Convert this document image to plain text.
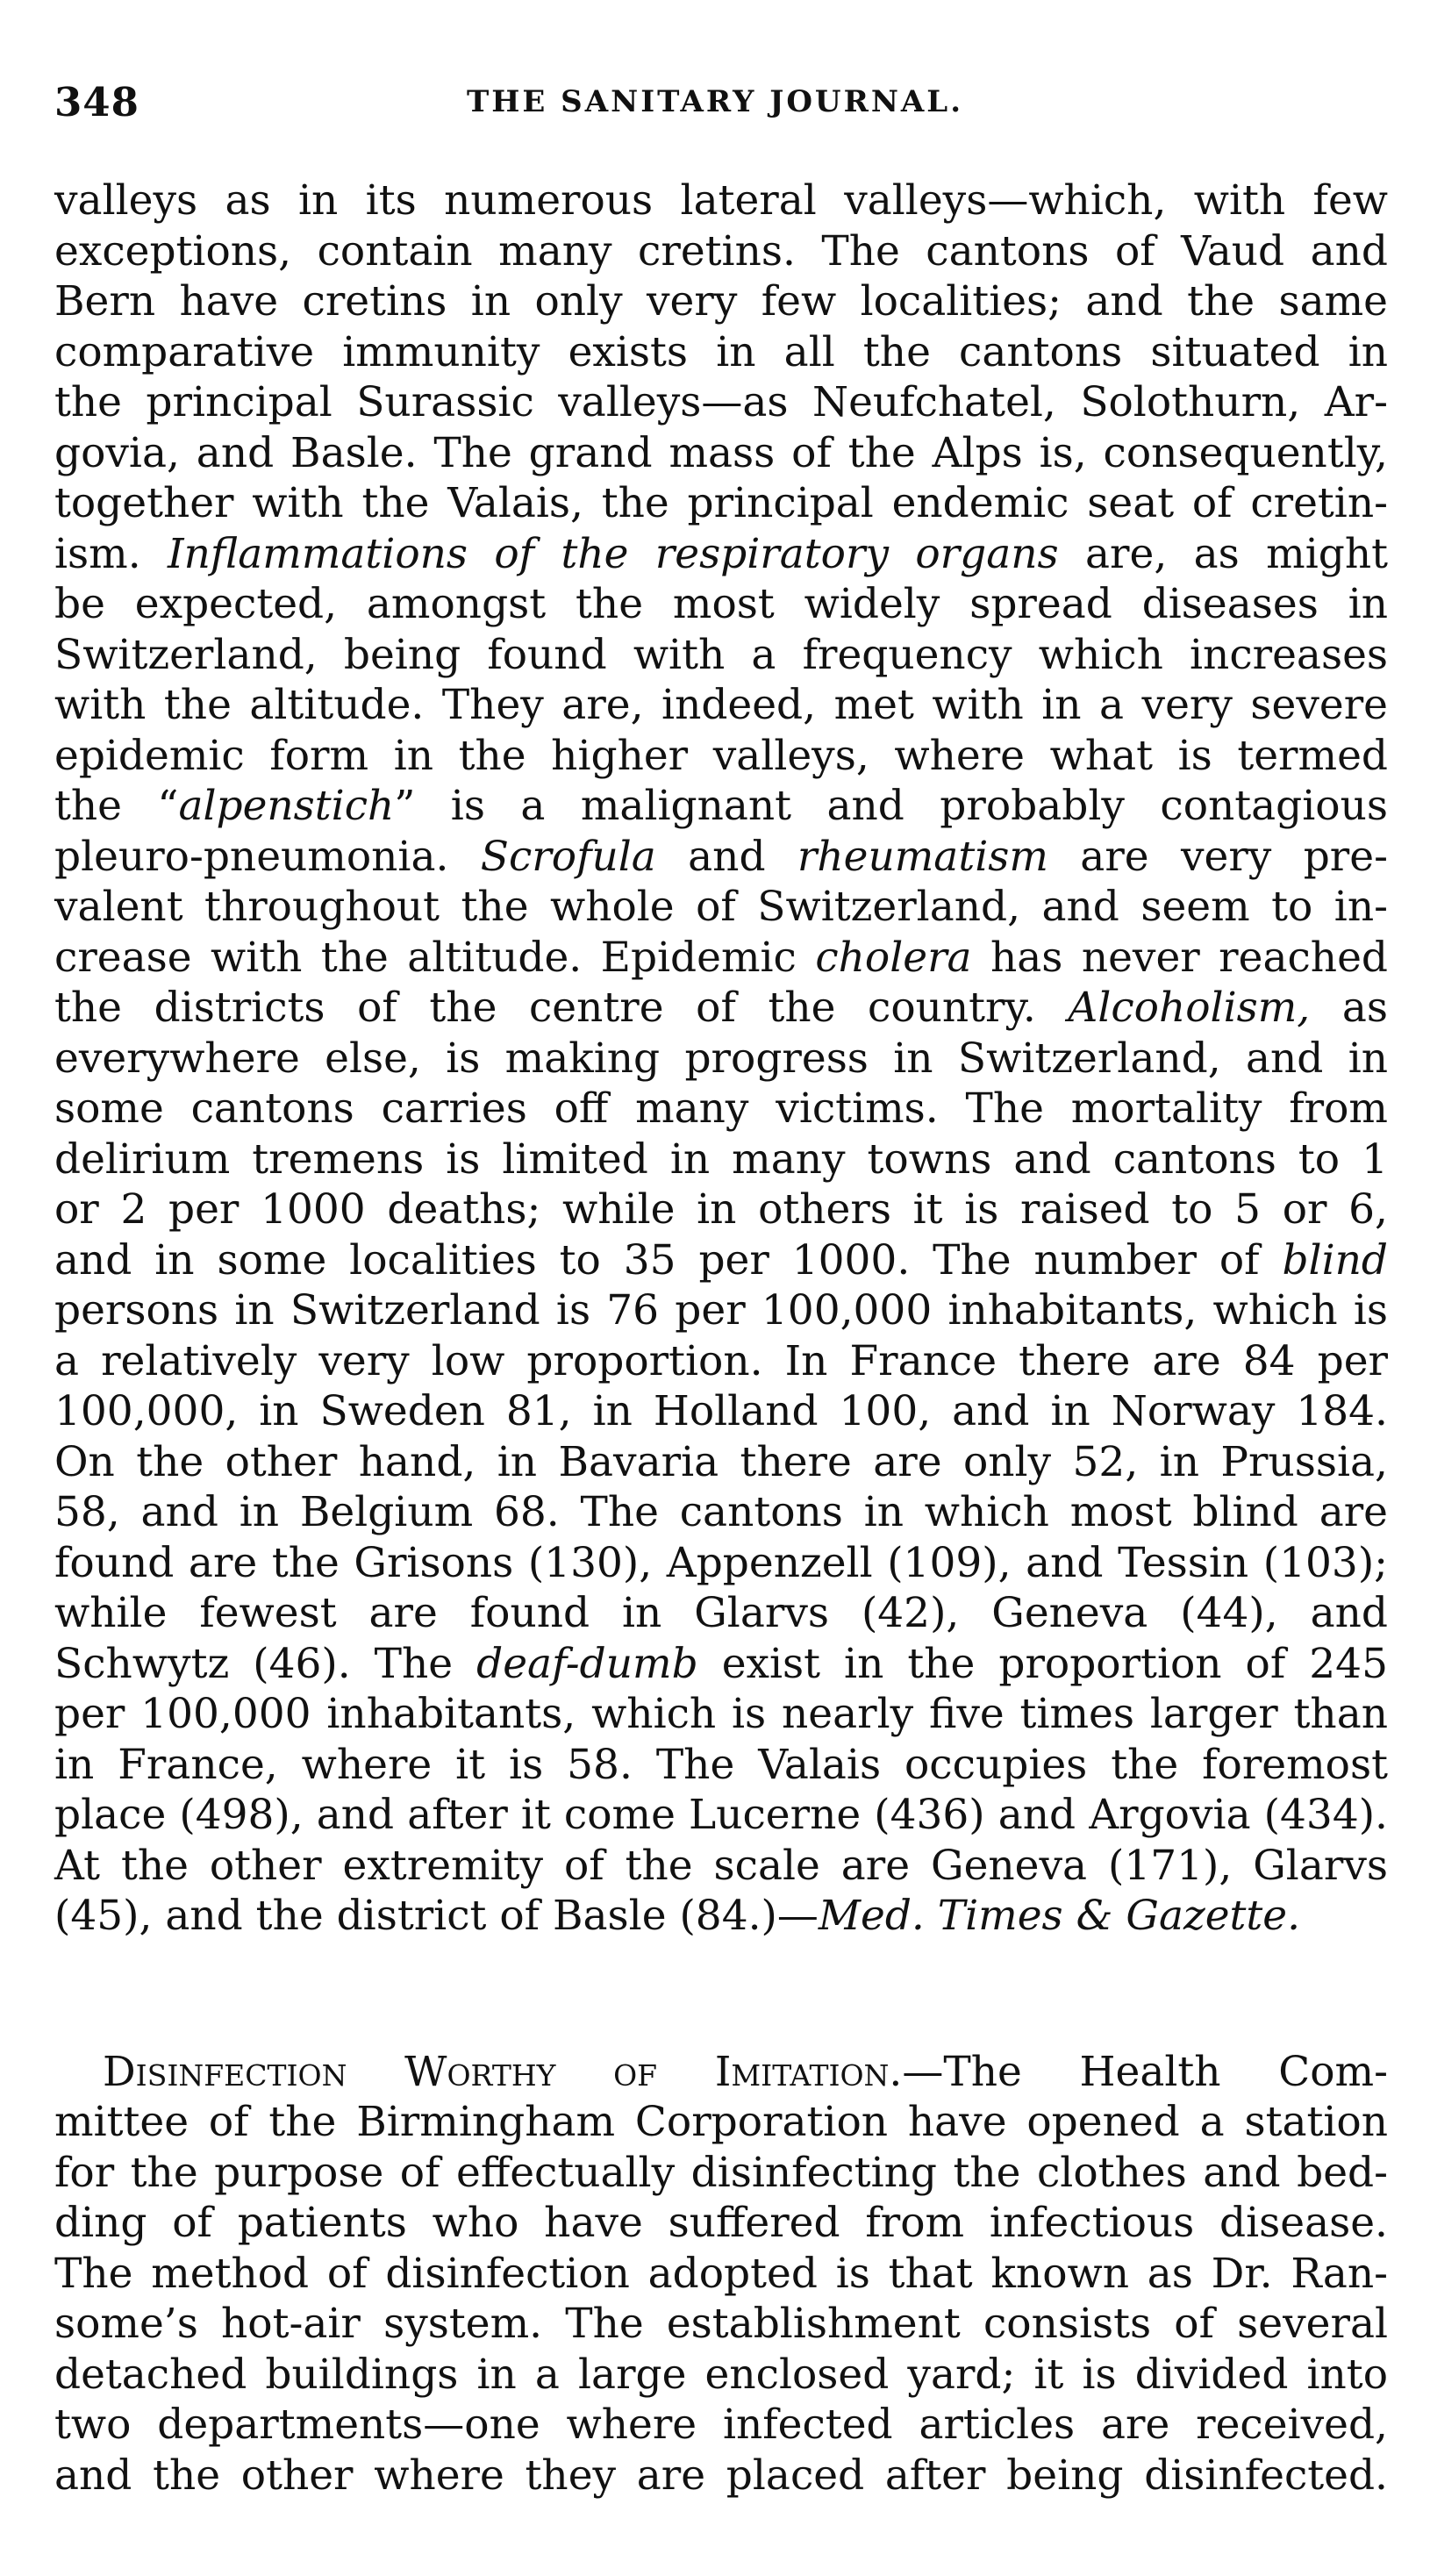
348	THE SANITARY JOURNAL.
valleys as in its numerous lateral valleys—which, with few
exceptions, contain many cretins. The cantons of Vaud and
Bern have cretins in only very few localities; and the same
comparative immunity exists in all the cantons situated in
the principal Surassic valleys—as Neufchatel, Solothurn, Ar-
govia, and Basle. The grand mass of the Alps is, consequently,
together with the Valais, the principal endemic seat of cretin-
ism. Inflammations of the respiratory organs are, as might
be expected, amongst the most widely spread diseases in
Switzerland, being found with a frequency which increases
with the altitude. They are, indeed, met with in a very severe
epidemic form in the higher valleys, where what is termed
the “alpenstich” is a malignant and probably contagious
pleuro-pneumonia. Scrofula and rheumatism are very pre-
valent throughout the whole of Switzerland, and seem to in-
crease with the altitude. Epidemic cholera has never reached
the districts of the centre of the country. Alcoholism, as
everywhere else, is making progress in Switzerland, and in
some cantons carries off many victims. The mortality from
delirium tremens is limited in many towns and cantons to 1
or 2 per 1000 deaths; while in others it is raised to 5 or 6,
and in some localities to 35 per 1000. The number of blind
persons in Switzerland is 76 per 100,000 inhabitants, which is
a relatively very low proportion. In France there are 84 per
100,000, in Sweden 81, in Holland 100, and in Norway 184.
On the other hand, in Bavaria there are only 52, in Prussia,
58, and in Belgium 68. The cantons in which most blind are
found are the Grisons (130), Appenzell (109), and Tessin (103);
while fewest are found in Glarvs (42), Geneva (44), and
Schwytz (46). The deaf-dumb exist in the proportion of 245
per 100,000 inhabitants, which is nearly five times larger than
in France, where it is 58. The Valais occupies the foremost
place (498), and after it come Lucerne (436) and Argovia (434).
At the other extremity of the scale are Geneva (171), Glarvs
(45), and the district of Basle (84.)—Med. Times & Gazette.
Disinfection Worthy of Imitation.—The Health Com-
mittee of the Birmingham Corporation have opened a station
for the purpose of effectually disinfecting the clothes and bed-
ding of patients who have suffered from infectious disease.
The method of disinfection adopted is that known as Dr. Ran-
some’s hot-air system. The establishment consists of several
detached buildings in a large enclosed yard; it is divided into
two departments—one where infected articles are received,
and the other where they are placed after being disinfected.
